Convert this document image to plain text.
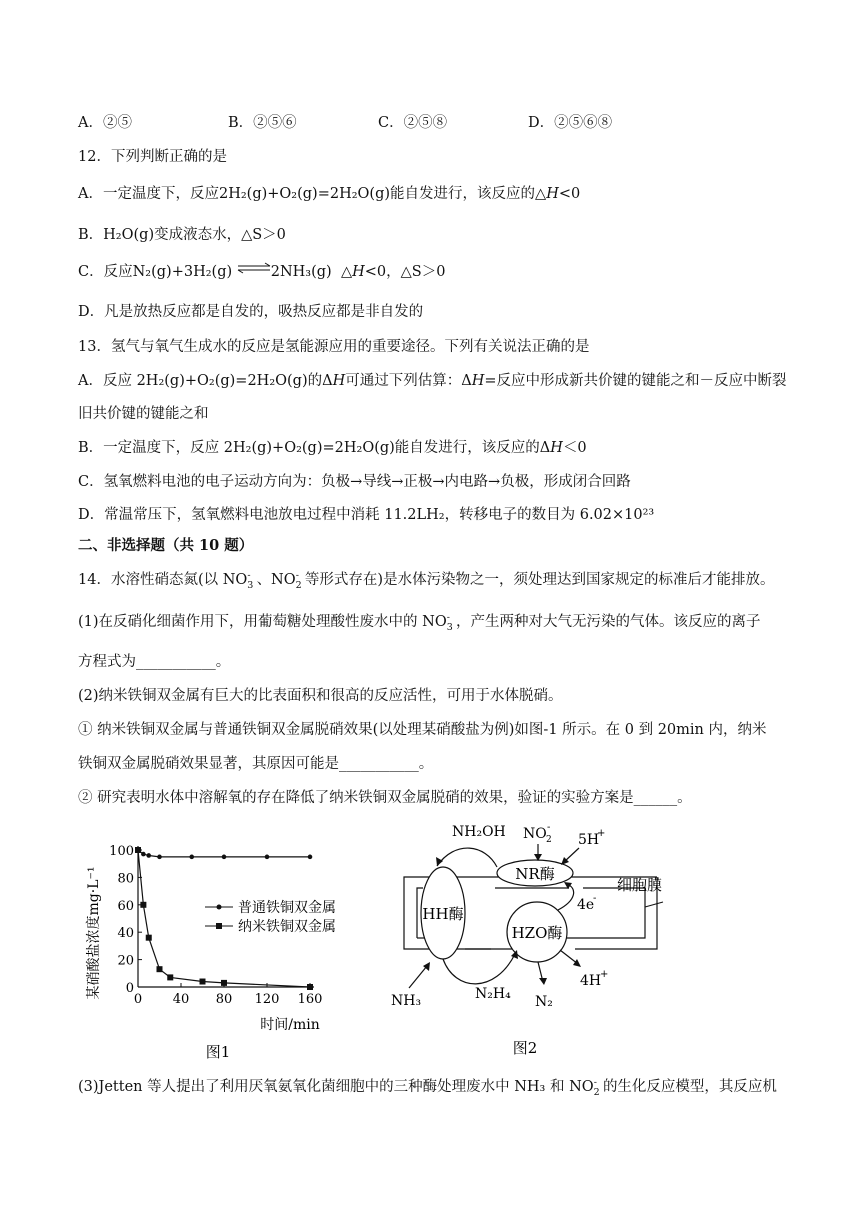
A．②⑤	B．②⑤⑥	C．②⑤⑧	D．②⑤⑥⑧
12．下列判断正确的是
A．一定温度下，反应2H₂(g)+O₂(g)=2H₂O(g)能自发进行，该反应的△H<0
B．H₂O(g)变成液态水，△S＞0
C．反应N₂(g)+3H₂(g) ⇌2NH₃(g) △H<0，△S＞0
D．凡是放热反应都是自发的，吸热反应都是非自发的
13．氢气与氧气生成水的反应是氢能源应用的重要途径。下列有关说法正确的是
A．反应 2H₂(g)+O₂(g)=2H₂O(g)的ΔH可通过下列估算：ΔH=反应中形成新共价键的键能之和－反应中断裂
旧共价键的键能之和
B．一定温度下，反应 2H₂(g)+O₂(g)=2H₂O(g)能自发进行，该反应的ΔH＜0
C．氢氧燃料电池的电子运动方向为：负极→导线→正极→内电路→负极，形成闭合回路
D．常温常压下，氢氧燃料电池放电过程中消耗 11.2LH₂，转移电子的数目为 6.02×10²³
二、非选择题（共 10 题）
14．水溶性硝态氮(以 $NO_3^-$ 、$NO_2^-$ 等形式存在)是水体污染物之一，须处理达到国家规定的标准后才能排放。
(1)在反硝化细菌作用下，用葡萄糖处理酸性废水中的 $NO_3^-$ ，产生两种对大气无污染的气体。该反应的离子
方程式为___________。
(2)纳米铁铜双金属有巨大的比表面积和很高的反应活性，可用于水体脱硝。
① 纳米铁铜双金属与普通铁铜双金属脱硝效果(以处理某硝酸盐为例)如图-1 所示。在 0 到 20min 内，纳米
铁铜双金属脱硝效果显著，其原因可能是___________。
② 研究表明水体中溶解氧的存在降低了纳米铁铜双金属脱硝的效果，验证的实验方案是______。
0
20
40
60
80
100
0 40 80 120 160
某硝酸盐浓度mg·L⁻¹
时间/min
图1
普通铁铜双金属
纳米铁铜双金属
HH酶
NR酶
HZO酶
NH₂OH NO 2
-
5H
+
4e
-
细胞膜
NH₃	N₂H₄ N₂
4H
+
图2
(3)Jetten 等人提出了利用厌氧氨氧化菌细胞中的三种酶处理废水中 NH₃ 和 $NO_2^-$ 的生化反应模型，其反应机
